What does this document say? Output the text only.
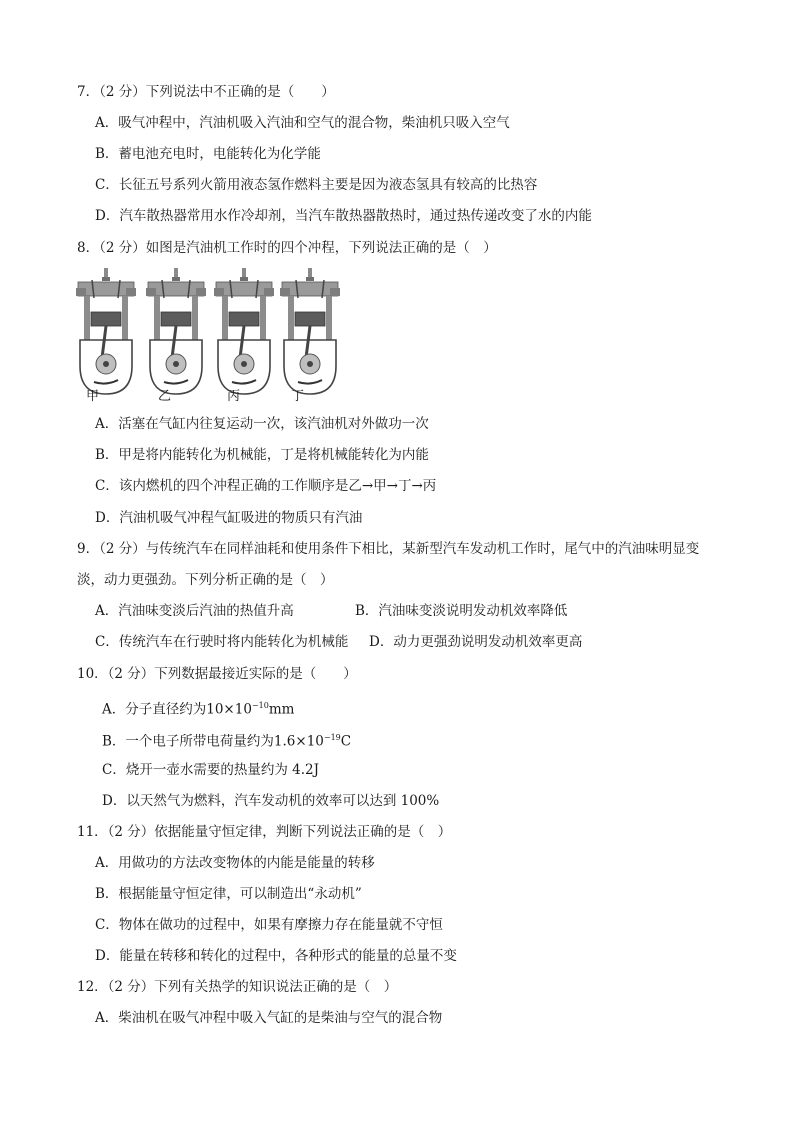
7．（2 分）下列说法中不正确的是（　　）
A．吸气冲程中，汽油机吸入汽油和空气的混合物，柴油机只吸入空气
B．蓄电池充电时，电能转化为化学能
C．长征五号系列火箭用液态氢作燃料主要是因为液态氢具有较高的比热容
D．汽车散热器常用水作冷却剂，当汽车散热器散热时，通过热传递改变了水的内能
8．（2 分）如图是汽油机工作时的四个冲程，下列说法正确的是（　）
甲	乙	丙	丁
A．活塞在气缸内往复运动一次，该汽油机对外做功一次
B．甲是将内能转化为机械能，丁是将机械能转化为内能
C．该内燃机的四个冲程正确的工作顺序是乙→甲→丁→丙
D．汽油机吸气冲程气缸吸进的物质只有汽油
9．（2 分）与传统汽车在同样油耗和使用条件下相比，某新型汽车发动机工作时，尾气中的汽油味明显变
淡，动力更强劲。下列分析正确的是（　）
A．汽油味变淡后汽油的热值升高	B．汽油味变淡说明发动机效率降低
C．传统汽车在行驶时将内能转化为机械能 D．动力更强劲说明发动机效率更高
10．（2 分）下列数据最接近实际的是（　　）
A．分子直径约为$10\times 10^{-10}mm$
B．一个电子所带电荷量约为$1.6\times 10^{-19}C$
C．烧开一壶水需要的热量约为 4.2J
D．以天然气为燃料，汽车发动机的效率可以达到 100%
11．（2 分）依据能量守恒定律，判断下列说法正确的是（　）
A．用做功的方法改变物体的内能是能量的转移
B．根据能量守恒定律，可以制造出“永动机”
C．物体在做功的过程中，如果有摩擦力存在能量就不守恒
D．能量在转移和转化的过程中，各种形式的能量的总量不变
12．（2 分）下列有关热学的知识说法正确的是（　）
A．柴油机在吸气冲程中吸入气缸的是柴油与空气的混合物
